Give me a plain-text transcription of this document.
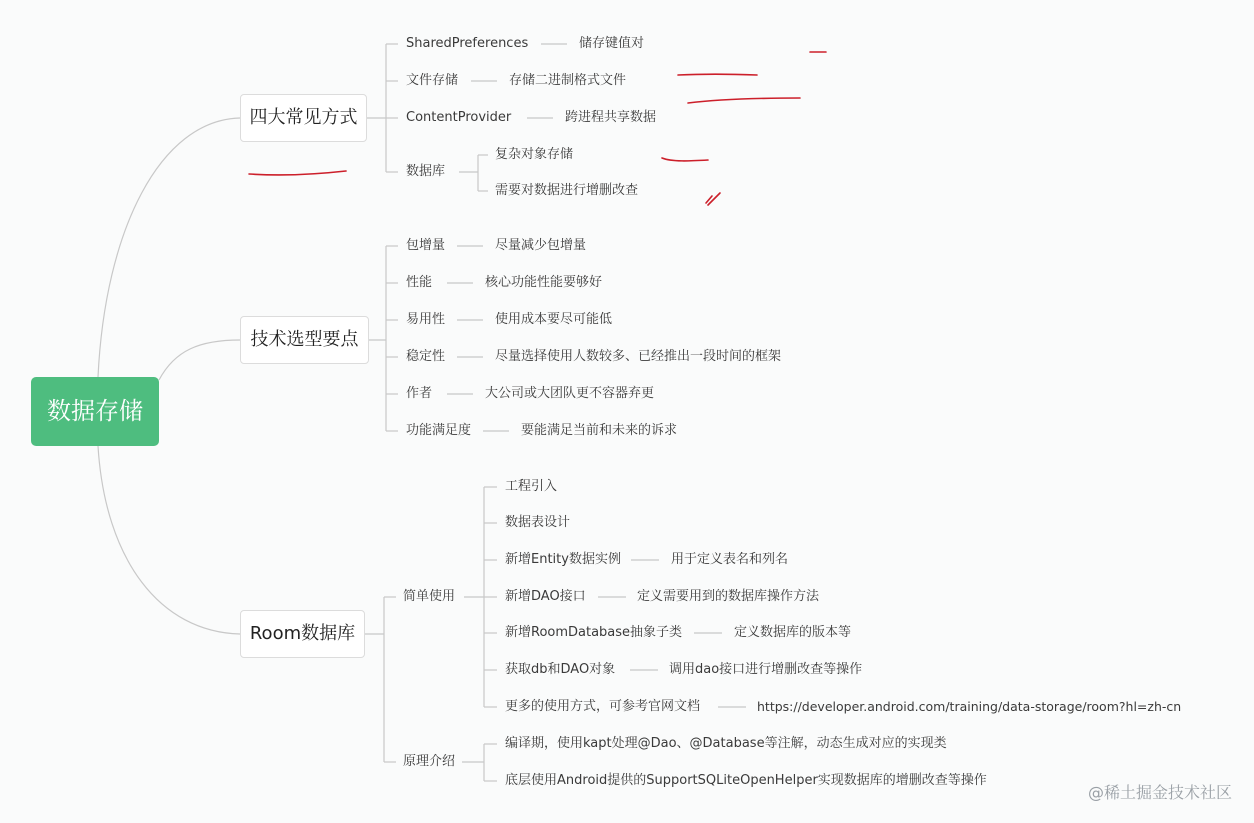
数据存储
四大常见方式
技术选型要点
Room数据库
SharedPreferences	储存键值对
文件存储	存储二进制格式文件
ContentProvider	跨进程共享数据
数据库
复杂对象存储
需要对数据进行增删改查
包增量	尽量减少包增量
性能	核心功能性能要够好
易用性	使用成本要尽可能低
稳定性	尽量选择使用人数较多、已经推出一段时间的框架
作者	大公司或大团队更不容器弃更
功能满足度	要能满足当前和未来的诉求
简单使用
原理介绍
工程引入
数据表设计
新增Entity数据实例	用于定义表名和列名
新增DAO接口	定义需要用到的数据库操作方法
新增RoomDatabase抽象子类	定义数据库的版本等
获取db和DAO对象	调用dao接口进行增删改查等操作
更多的使用方式，可参考官网文档	https://developer.android.com/training/data-storage/room?hl=zh-cn
编译期，使用kapt处理@Dao、@Database等注解，动态生成对应的实现类
底层使用Android提供的SupportSQLiteOpenHelper实现数据库的增删改查等操作
@稀土掘金技术社区
